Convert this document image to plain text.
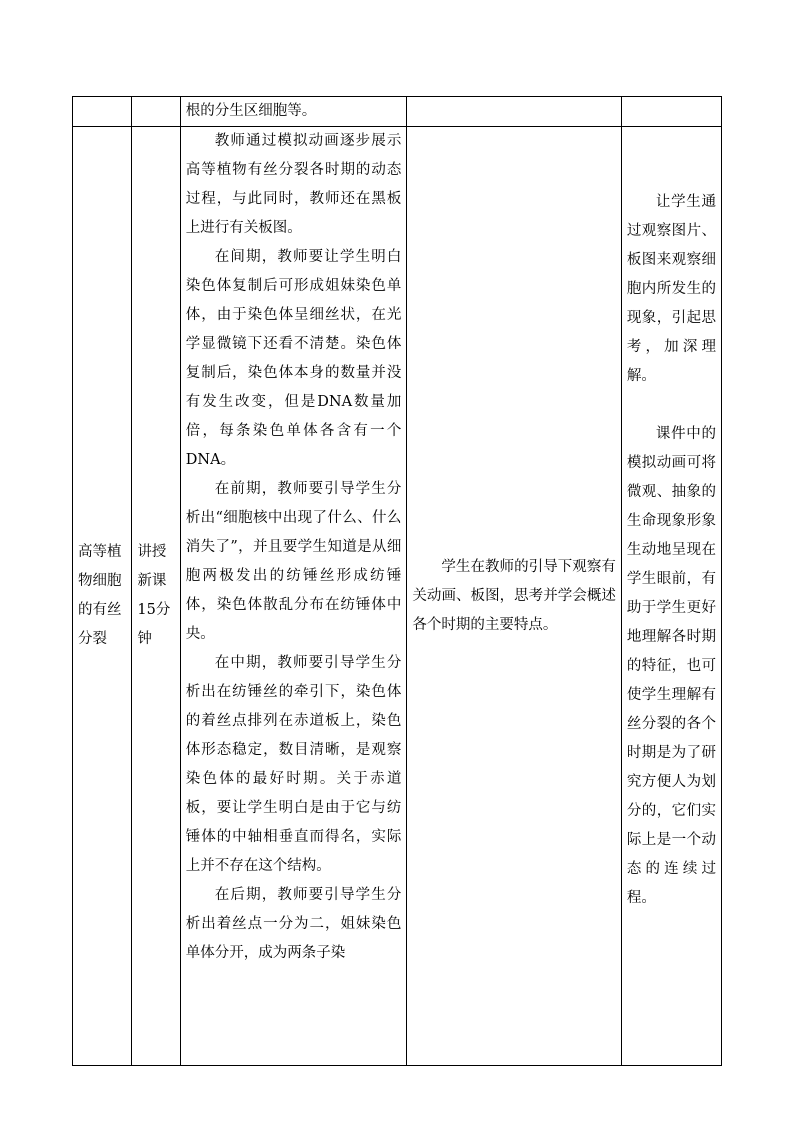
		根的分生区细胞等。		
高等植物细胞的有丝分裂	讲授新课15分钟	教师通过模拟动画逐步展示高等植物有丝分裂各时期的动态过程，与此同时，教师还在黑板上进行有关板图。
在间期，教师要让学生明白染色体复制后可形成姐妹染色单体，由于染色体呈细丝状，在光学显微镜下还看不清楚。染色体复制后，染色体本身的数量并没有发生改变，但是DNA数量加倍，每条染色单体各含有一个DNA。
在前期，教师要引导学生分析出“细胞核中出现了什么、什么消失了”，并且要学生知道是从细胞两极发出的纺锤丝形成纺锤体，染色体散乱分布在纺锤体中央。
在中期，教师要引导学生分析出在纺锤丝的牵引下，染色体的着丝点排列在赤道板上，染色体形态稳定，数目清晰，是观察染色体的最好时期。关于赤道板，要让学生明白是由于它与纺锤体的中轴相垂直而得名，实际上并不存在这个结构。
在后期，教师要引导学生分析出着丝点一分为二，姐妹染色单体分开，成为两条子染	学生在教师的引导下观察有关动画、板图，思考并学会概述各个时期的主要特点。	让学生通过观察图片、板图来观察细胞内所发生的现象，引起思考，加深理解。
课件中的模拟动画可将微观、抽象的生命现象形象生动地呈现在学生眼前，有助于学生更好地理解各时期的特征，也可使学生理解有丝分裂的各个时期是为了研究方便人为划分的，它们实际上是一个动态的连续过程。
